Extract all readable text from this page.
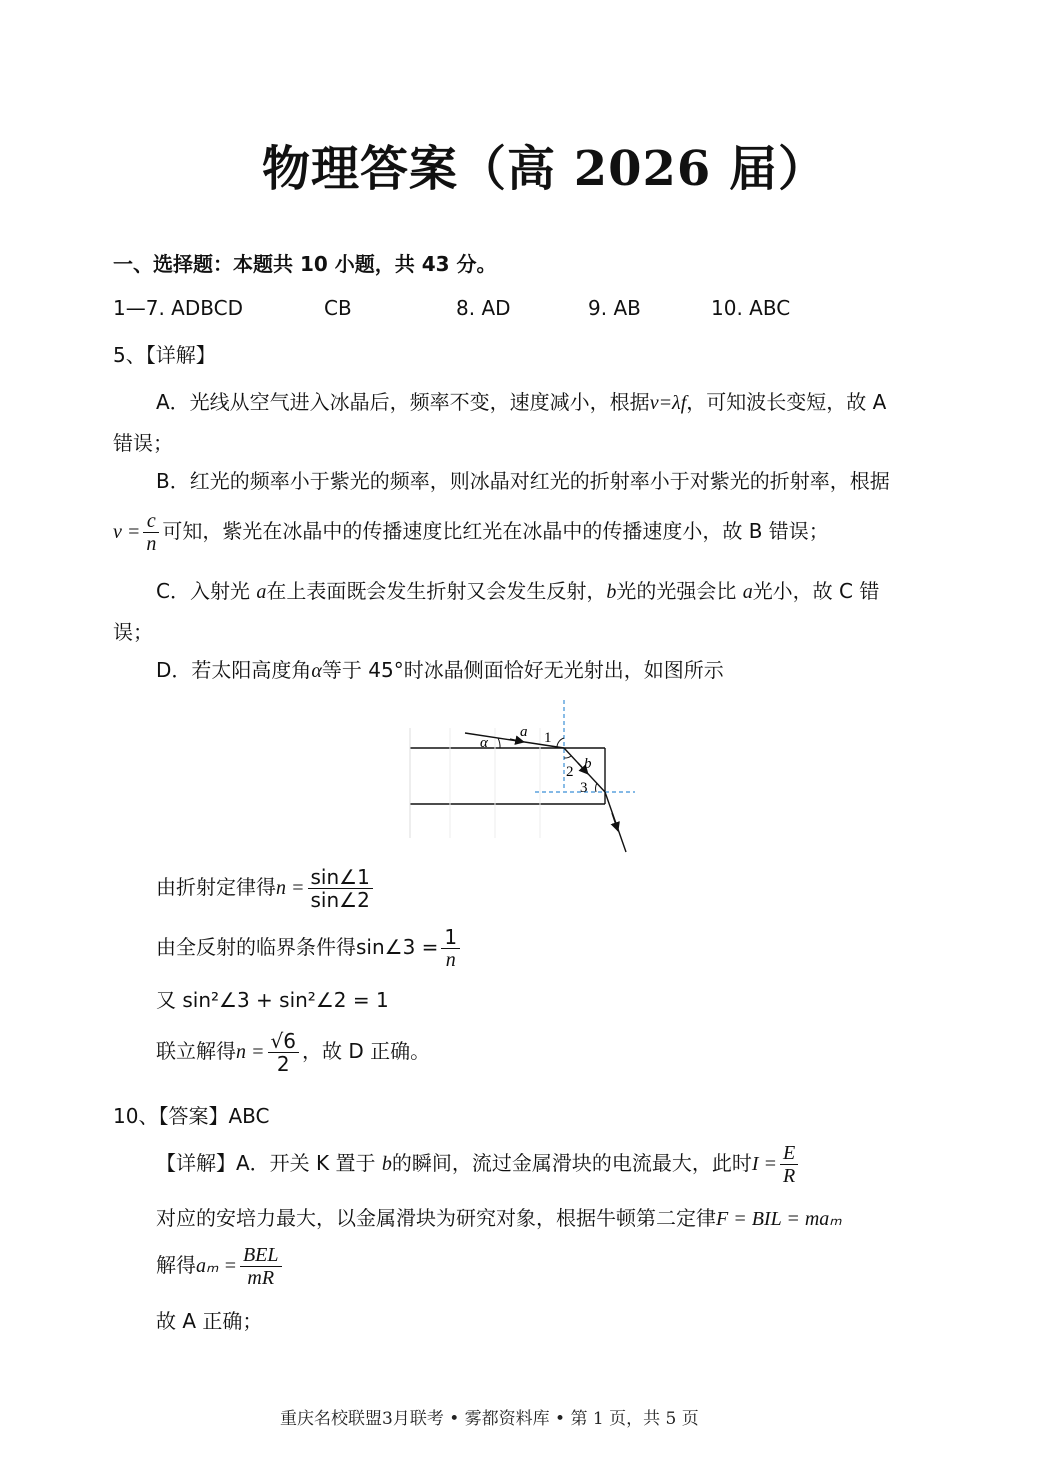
物理答案（高 2026 届）
一、选择题：本题共 10 小题，共 43 分。
1—7. ADBCD	CB	8. AD	9. AB	10. ABC
5、【详解】
A．光线从空气进入冰晶后，频率不变，速度减小，根据v=λf，可知波长变短，故 A
错误；
B．红光的频率小于紫光的频率，则冰晶对红光的折射率小于对紫光的折射率，根据
$v = \frac{c}{n}$ 可知，紫光在冰晶中的传播速度比红光在冰晶中的传播速度小，故 B 错误；
C．入射光 a在上表面既会发生折射又会发生反射，b光的光强会比 a光小，故 C 错
误；
D．若太阳高度角α等于 45°时冰晶侧面恰好无光射出，如图所示
α
a 1
2 b
3
由折射定律得$n = \frac{\sin\angle 1}{\sin\angle 2}$
由全反射的临界条件得sin∠3 = $\frac{1}{n}$
又 sin²∠3 + sin²∠2 = 1
联立解得$n = \frac{√6}{2}$ ，故 D 正确。
10、【答案】ABC
【详解】A．开关 K 置于 b的瞬间，流过金属滑块的电流最大，此时$I = \frac{E}{R}$
对应的安培力最大，以金属滑块为研究对象，根据牛顿第二定律F = BIL = maₘ
解得$a_m = \frac{\text{BEL}}{mR}$
故 A 正确；
重庆名校联盟3月联考 • 雾都资料库 • 第 1 页，共 5 页
